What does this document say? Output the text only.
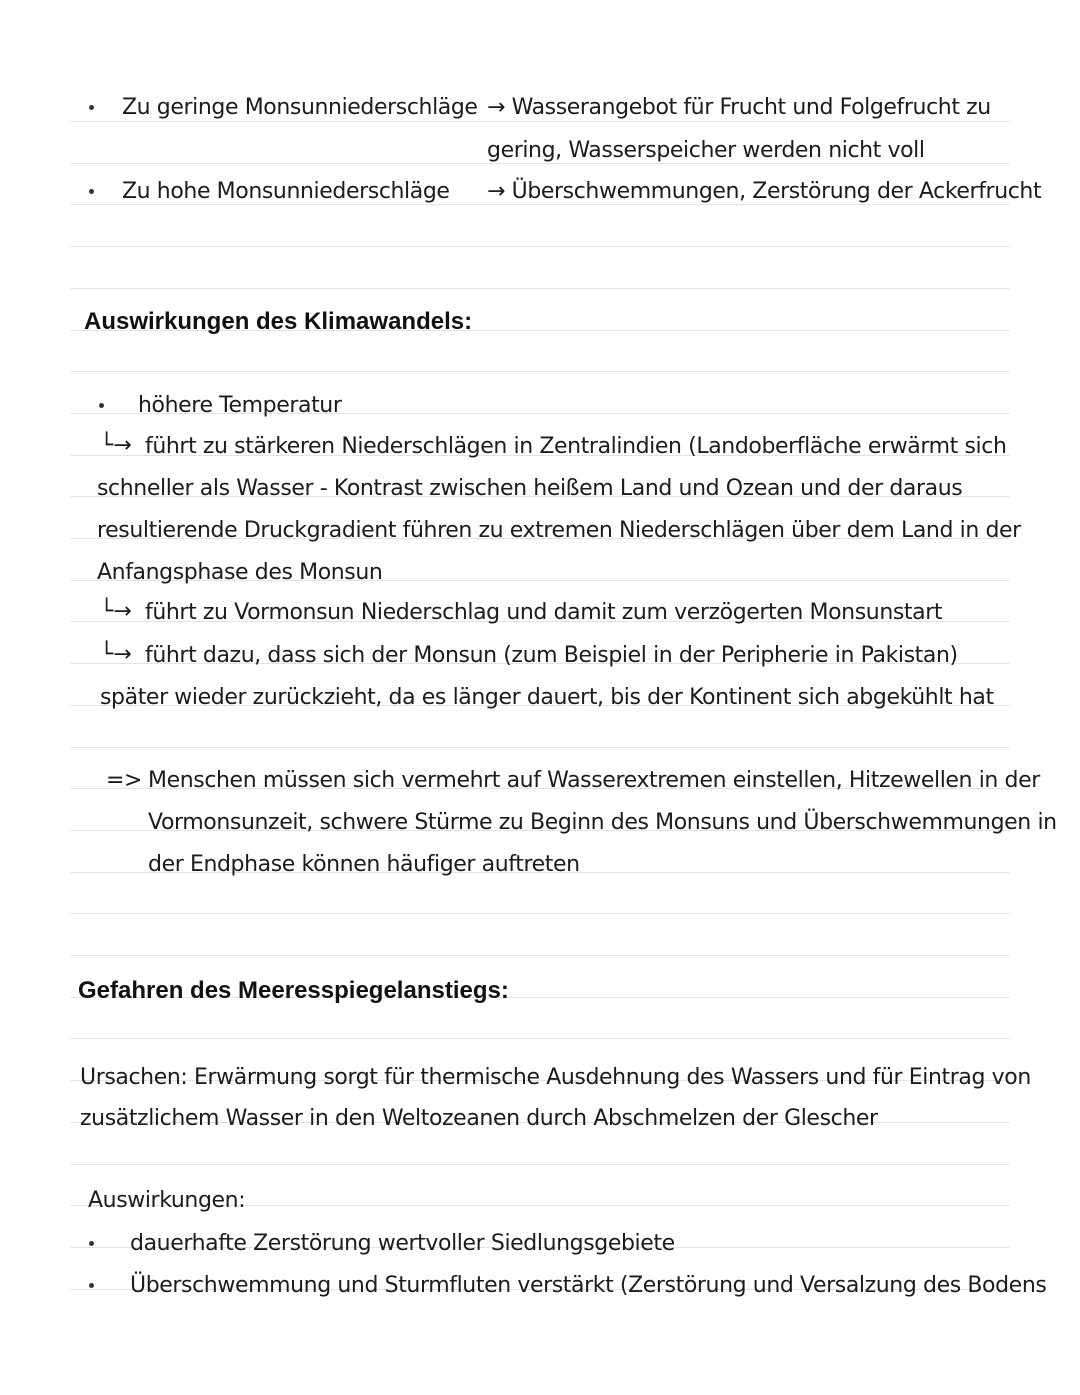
Zu geringe Monsunniederschläge → Wasserangebot für Frucht und Folgefrucht zu
gering, Wasserspeicher werden nicht voll
Zu hohe Monsunniederschläge → Überschwemmungen, Zerstörung der Ackerfrucht
Auswirkungen des Klimawandels:
höhere Temperatur
└→ führt zu stärkeren Niederschlägen in Zentralindien (Landoberfläche erwärmt sich
schneller als Wasser - Kontrast zwischen heißem Land und Ozean und der daraus
resultierende Druckgradient führen zu extremen Niederschlägen über dem Land in der
Anfangsphase des Monsun
└→ führt zu Vormonsun Niederschlag und damit zum verzögerten Monsunstart
└→ führt dazu, dass sich der Monsun (zum Beispiel in der Peripherie in Pakistan)
später wieder zurückzieht, da es länger dauert, bis der Kontinent sich abgekühlt hat
=> Menschen müssen sich vermehrt auf Wasserextremen einstellen, Hitzewellen in der
Vormonsunzeit, schwere Stürme zu Beginn des Monsuns und Überschwemmungen in
der Endphase können häufiger auftreten
Gefahren des Meeresspiegelanstiegs:
Ursachen: Erwärmung sorgt für thermische Ausdehnung des Wassers und für Eintrag von
zusätzlichem Wasser in den Weltozeanen durch Abschmelzen der Glescher
Auswirkungen:
dauerhafte Zerstörung wertvoller Siedlungsgebiete
Überschwemmung und Sturmfluten verstärkt (Zerstörung und Versalzung des Bodens
